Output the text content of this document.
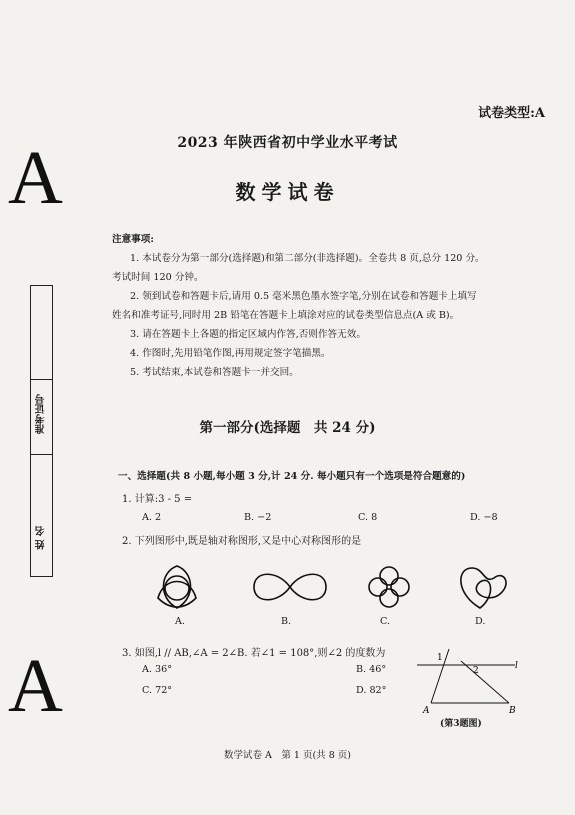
A
A
试卷类型:A
2023 年陕西省初中学业水平考试
数学试卷

注意事项:

1. 本试卷分为第一部分(选择题)和第二部分(非选择题)。全卷共 8 页,总分 120 分。

考试时间 120 分钟。

2. 领到试卷和答题卡后,请用 0.5 毫米黑色墨水签字笔,分别在试卷和答题卡上填写

姓名和准考证号,同时用 2B 铅笔在答题卡上填涂对应的试卷类型信息点(A 或 B)。

3. 请在答题卡上各题的指定区域内作答,否则作答无效。

4. 作图时,先用铅笔作图,再用规定签字笔描黑。

5. 考试结束,本试卷和答题卡一并交回。

准考证号
姓 名
第一部分(选择题　共 24 分)
一、选择题(共 8 小题,每小题 3 分,计 24 分. 每小题只有一个选项是符合题意的)
1. 计算:3 - 5 =
A. 2	B. −2	C. 8	D. −8
2. 下列图形中,既是轴对称图形,又是中心对称图形的是
A.	B.	C.	D.
3. 如图,l // AB,∠A = 2∠B. 若∠1 = 108°,则∠2 的度数为
A. 36°	B. 46°
C. 72°	D. 82°
1
2	l
A	B
(第3题图)
数学试卷 A　第 1 页(共 8 页)
